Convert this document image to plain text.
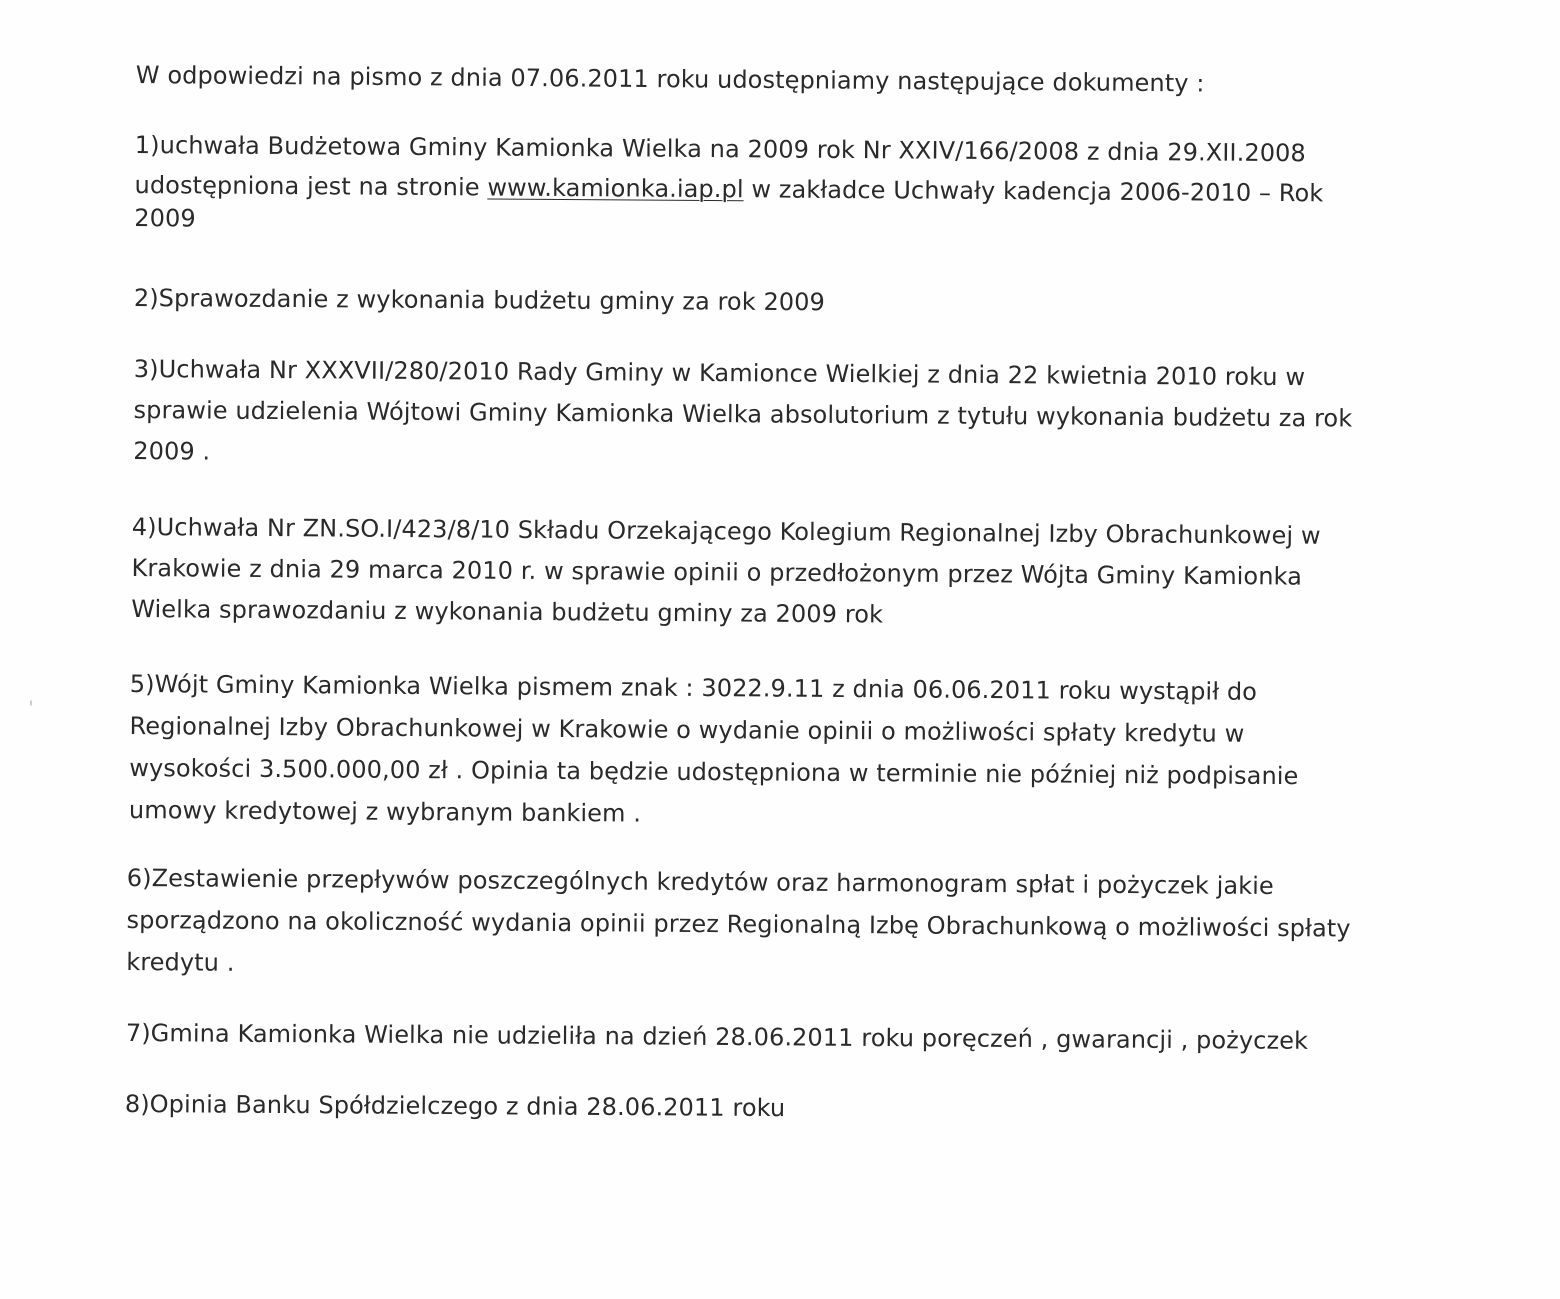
W odpowiedzi na pismo z dnia 07.06.2011 roku udostępniamy następujące dokumenty :

1)uchwała Budżetowa Gminy Kamionka Wielka na 2009 rok Nr XXIV/166/2008 z dnia 29.XII.2008
udostępniona jest na stronie www.kamionka.iap.pl w zakładce Uchwały kadencja 2006-2010 – Rok
2009

2)Sprawozdanie z wykonania budżetu gminy za rok 2009

3)Uchwała Nr XXXVII/280/2010 Rady Gminy w Kamionce Wielkiej z dnia 22 kwietnia 2010 roku w
sprawie udzielenia Wójtowi Gminy Kamionka Wielka absolutorium z tytułu wykonania budżetu za rok
2009 .

4)Uchwała Nr ZN.SO.I/423/8/10 Składu Orzekającego Kolegium Regionalnej Izby Obrachunkowej w
Krakowie z dnia 29 marca 2010 r. w sprawie opinii o przedłożonym przez Wójta Gminy Kamionka
Wielka sprawozdaniu z wykonania budżetu gminy za 2009 rok

5)Wójt Gminy Kamionka Wielka pismem znak : 3022.9.11 z dnia 06.06.2011 roku wystąpił do
Regionalnej Izby Obrachunkowej w Krakowie o wydanie opinii o możliwości spłaty kredytu w
wysokości 3.500.000,00 zł . Opinia ta będzie udostępniona w terminie nie później niż podpisanie
umowy kredytowej z wybranym bankiem .

6)Zestawienie przepływów poszczególnych kredytów oraz harmonogram spłat i pożyczek jakie
sporządzono na okoliczność wydania opinii przez Regionalną Izbę Obrachunkową o możliwości spłaty
kredytu .

7)Gmina Kamionka Wielka nie udzieliła na dzień 28.06.2011 roku poręczeń , gwarancji , pożyczek

8)Opinia Banku Spółdzielczego z dnia 28.06.2011 roku
